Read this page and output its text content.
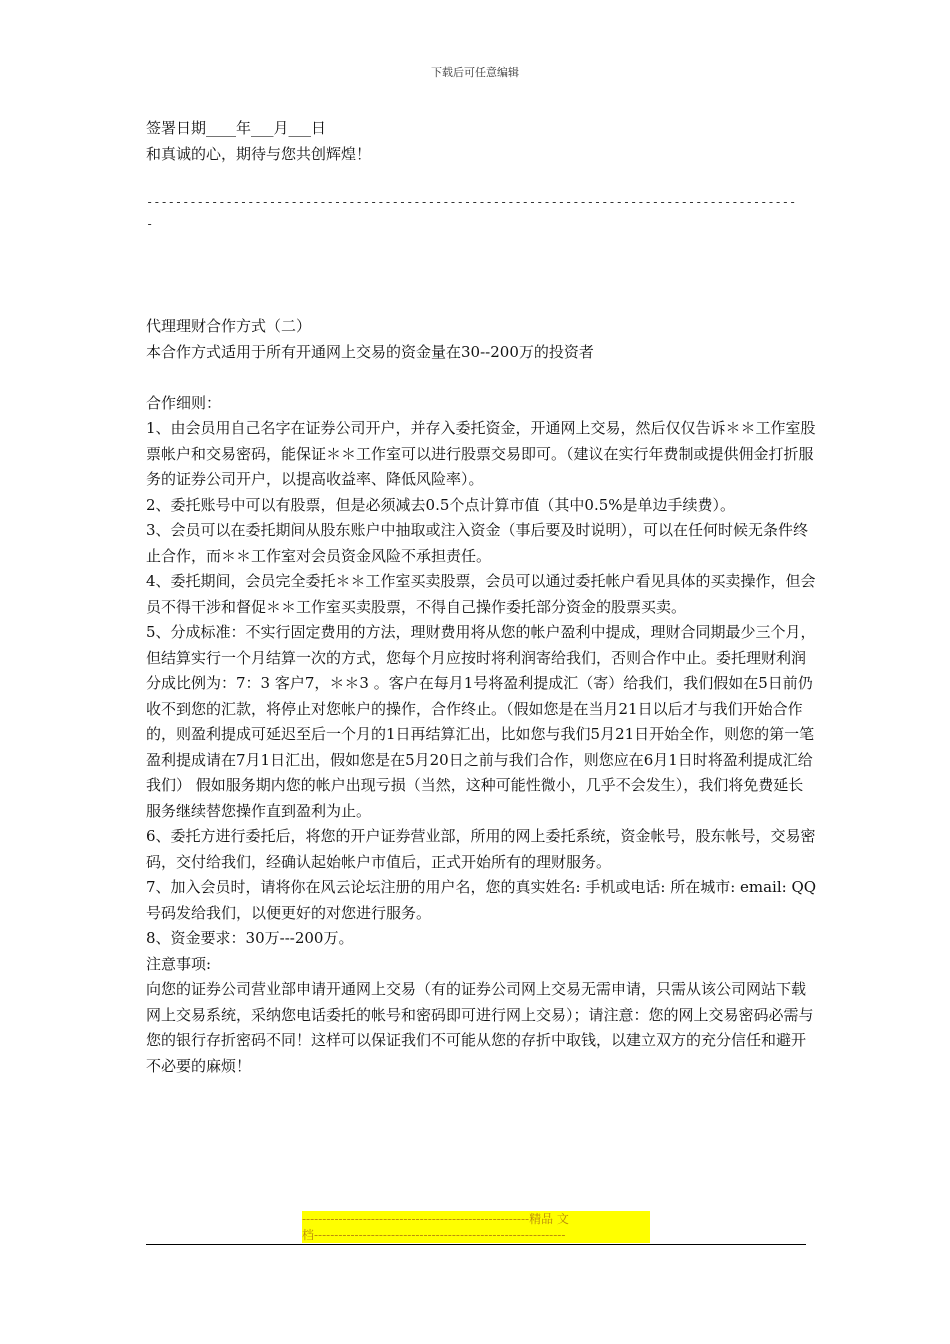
下载后可任意编辑
签署日期____年___月___日
和真诚的心，期待与您共创辉煌！
------------------------------------------------------------------------------------------
-
代理理财合作方式（二）
本合作方式适用于所有开通网上交易的资金量在30--200万的投资者
合作细则：
1、由会员用自己名字在证券公司开户，并存入委托资金，开通网上交易，然后仅仅告诉＊＊工作室股票帐户和交易密码，能保证＊＊工作室可以进行股票交易即可。（建议在实行年费制或提供佣金打折服务的证券公司开户，以提高收益率、降低风险率）。
2、委托账号中可以有股票，但是必须减去0.5个点计算市值（其中0.5%是单边手续费）。
3、会员可以在委托期间从股东账户中抽取或注入资金（事后要及时说明），可以在任何时候无条件终止合作，而＊＊工作室对会员资金风险不承担责任。
4、委托期间，会员完全委托＊＊工作室买卖股票，会员可以通过委托帐户看见具体的买卖操作，但会员不得干涉和督促＊＊工作室买卖股票，不得自己操作委托部分资金的股票买卖。
5、分成标准：不实行固定费用的方法，理财费用将从您的帐户盈利中提成，理财合同期最少三个月，但结算实行一个月结算一次的方式，您每个月应按时将利润寄给我们，否则合作中止。委托理财利润分成比例为：7：3 客户7，＊＊3 。客户在每月1号将盈利提成汇（寄）给我们，我们假如在5日前仍收不到您的汇款，将停止对您帐户的操作，合作终止。（假如您是在当月21日以后才与我们开始合作的，则盈利提成可延迟至后一个月的1日再结算汇出，比如您与我们5月21日开始全作，则您的第一笔盈利提成请在7月1日汇出，假如您是在5月20日之前与我们合作，则您应在6月1日时将盈利提成汇给我们） 假如服务期内您的帐户出现亏损（当然，这种可能性微小，几乎不会发生），我们将免费延长服务继续替您操作直到盈利为止。
6、委托方进行委托后，将您的开户证券营业部，所用的网上委托系统，资金帐号，股东帐号，交易密码，交付给我们，经确认起始帐户市值后，正式开始所有的理财服务。
7、加入会员时，请将你在风云论坛注册的用户名，您的真实姓名: 手机或电话: 所在城市: email: QQ 号码发给我们，以便更好的对您进行服务。
8、资金要求：30万---200万。
注意事项:
向您的证券公司营业部申请开通网上交易（有的证券公司网上交易无需申请，只需从该公司网站下载网上交易系统，采纳您电话委托的帐号和密码即可进行网上交易）；请注意：您的网上交易密码必需与您的银行存折密码不同！这样可以保证我们不可能从您的存折中取钱，以建立双方的充分信任和避开不必要的麻烦！
--------------------------------------------------------精品 文
档--------------------------------------------------------------
